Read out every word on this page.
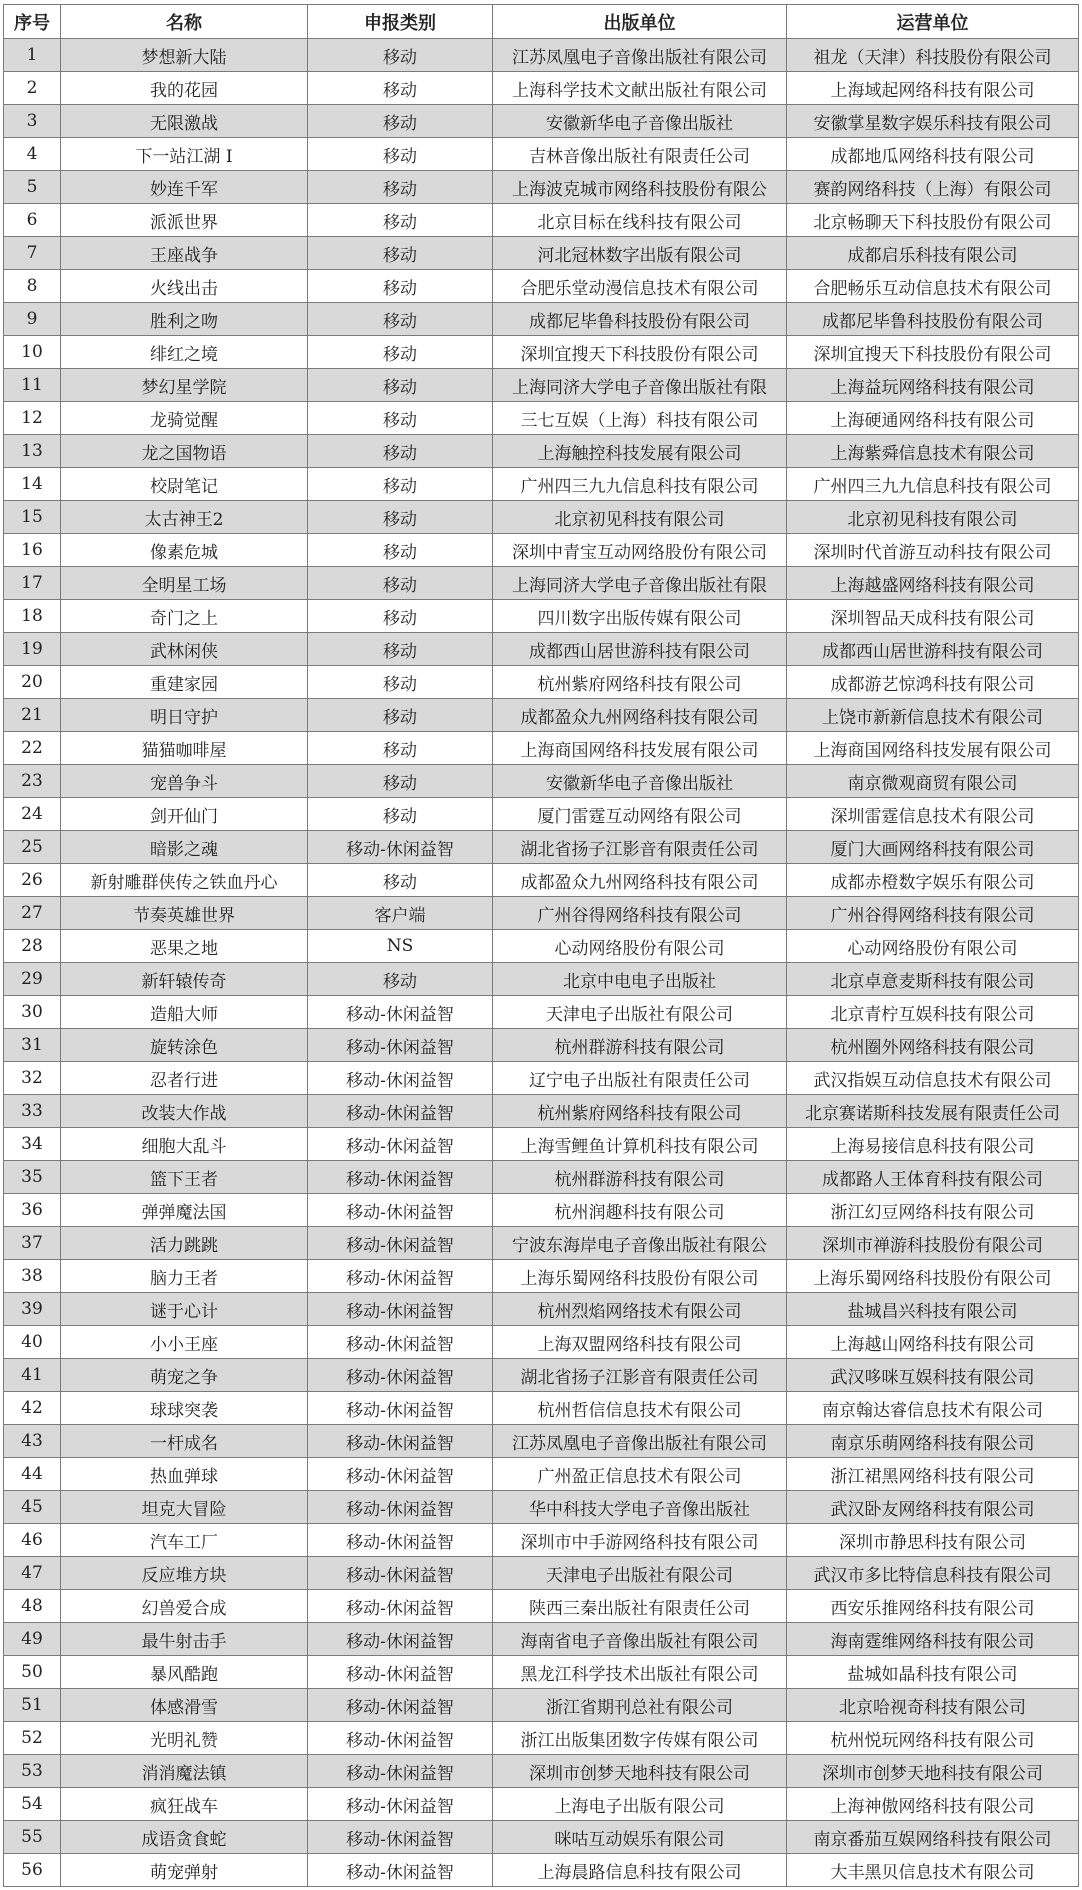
序号	名称	申报类别	出版单位	运营单位
1	梦想新大陆	移动	江苏凤凰电子音像出版社有限公司	祖龙（天津）科技股份有限公司
2	我的花园	移动	上海科学技术文献出版社有限公司	上海域起网络科技有限公司
3	无限激战	移动	安徽新华电子音像出版社	安徽掌星数字娱乐科技有限公司
4	下一站江湖 Ⅰ	移动	吉林音像出版社有限责任公司	成都地瓜网络科技有限公司
5	妙连千军	移动	上海波克城市网络科技股份有限公	赛韵网络科技（上海）有限公司
6	派派世界	移动	北京目标在线科技有限公司	北京畅聊天下科技股份有限公司
7	王座战争	移动	河北冠林数字出版有限公司	成都启乐科技有限公司
8	火线出击	移动	合肥乐堂动漫信息技术有限公司	合肥畅乐互动信息技术有限公司
9	胜利之吻	移动	成都尼毕鲁科技股份有限公司	成都尼毕鲁科技股份有限公司
10	绯红之境	移动	深圳宜搜天下科技股份有限公司	深圳宜搜天下科技股份有限公司
11	梦幻星学院	移动	上海同济大学电子音像出版社有限	上海益玩网络科技有限公司
12	龙骑觉醒	移动	三七互娱（上海）科技有限公司	上海硬通网络科技有限公司
13	龙之国物语	移动	上海触控科技发展有限公司	上海紫舜信息技术有限公司
14	校尉笔记	移动	广州四三九九信息科技有限公司	广州四三九九信息科技有限公司
15	太古神王2	移动	北京初见科技有限公司	北京初见科技有限公司
16	像素危城	移动	深圳中青宝互动网络股份有限公司	深圳时代首游互动科技有限公司
17	全明星工场	移动	上海同济大学电子音像出版社有限	上海越盛网络科技有限公司
18	奇门之上	移动	四川数字出版传媒有限公司	深圳智品天成科技有限公司
19	武林闲侠	移动	成都西山居世游科技有限公司	成都西山居世游科技有限公司
20	重建家园	移动	杭州紫府网络科技有限公司	成都游艺惊鸿科技有限公司
21	明日守护	移动	成都盈众九州网络科技有限公司	上饶市新新信息技术有限公司
22	猫猫咖啡屋	移动	上海商国网络科技发展有限公司	上海商国网络科技发展有限公司
23	宠兽争斗	移动	安徽新华电子音像出版社	南京微观商贸有限公司
24	剑开仙门	移动	厦门雷霆互动网络有限公司	深圳雷霆信息技术有限公司
25	暗影之魂	移动-休闲益智	湖北省扬子江影音有限责任公司	厦门大画网络科技有限公司
26	新射雕群侠传之铁血丹心	移动	成都盈众九州网络科技有限公司	成都赤橙数字娱乐有限公司
27	节奏英雄世界	客户端	广州谷得网络科技有限公司	广州谷得网络科技有限公司
28	恶果之地	NS	心动网络股份有限公司	心动网络股份有限公司
29	新轩辕传奇	移动	北京中电电子出版社	北京卓意麦斯科技有限公司
30	造船大师	移动-休闲益智	天津电子出版社有限公司	北京青柠互娱科技有限公司
31	旋转涂色	移动-休闲益智	杭州群游科技有限公司	杭州圈外网络科技有限公司
32	忍者行进	移动-休闲益智	辽宁电子出版社有限责任公司	武汉指娱互动信息技术有限公司
33	改装大作战	移动-休闲益智	杭州紫府网络科技有限公司	北京赛诺斯科技发展有限责任公司
34	细胞大乱斗	移动-休闲益智	上海雪鲤鱼计算机科技有限公司	上海易接信息科技有限公司
35	篮下王者	移动-休闲益智	杭州群游科技有限公司	成都路人王体育科技有限公司
36	弹弹魔法国	移动-休闲益智	杭州润趣科技有限公司	浙江幻豆网络科技有限公司
37	活力跳跳	移动-休闲益智	宁波东海岸电子音像出版社有限公	深圳市禅游科技股份有限公司
38	脑力王者	移动-休闲益智	上海乐蜀网络科技股份有限公司	上海乐蜀网络科技股份有限公司
39	谜于心计	移动-休闲益智	杭州烈焰网络技术有限公司	盐城昌兴科技有限公司
40	小小王座	移动-休闲益智	上海双盟网络科技有限公司	上海越山网络科技有限公司
41	萌宠之争	移动-休闲益智	湖北省扬子江影音有限责任公司	武汉哆咪互娱科技有限公司
42	球球突袭	移动-休闲益智	杭州哲信信息技术有限公司	南京翰达睿信息技术有限公司
43	一杆成名	移动-休闲益智	江苏凤凰电子音像出版社有限公司	南京乐萌网络科技有限公司
44	热血弹球	移动-休闲益智	广州盈正信息技术有限公司	浙江裙黑网络科技有限公司
45	坦克大冒险	移动-休闲益智	华中科技大学电子音像出版社	武汉卧友网络科技有限公司
46	汽车工厂	移动-休闲益智	深圳市中手游网络科技有限公司	深圳市静思科技有限公司
47	反应堆方块	移动-休闲益智	天津电子出版社有限公司	武汉市多比特信息科技有限公司
48	幻兽爱合成	移动-休闲益智	陕西三秦出版社有限责任公司	西安乐推网络科技有限公司
49	最牛射击手	移动-休闲益智	海南省电子音像出版社有限公司	海南霆维网络科技有限公司
50	暴风酷跑	移动-休闲益智	黑龙江科学技术出版社有限公司	盐城如晶科技有限公司
51	体感滑雪	移动-休闲益智	浙江省期刊总社有限公司	北京哈视奇科技有限公司
52	光明礼赞	移动-休闲益智	浙江出版集团数字传媒有限公司	杭州悦玩网络科技有限公司
53	消消魔法镇	移动-休闲益智	深圳市创梦天地科技有限公司	深圳市创梦天地科技有限公司
54	疯狂战车	移动-休闲益智	上海电子出版有限公司	上海神傲网络科技有限公司
55	成语贪食蛇	移动-休闲益智	咪咕互动娱乐有限公司	南京番茄互娱网络科技有限公司
56	萌宠弹射	移动-休闲益智	上海晨路信息科技有限公司	大丰黑贝信息技术有限公司
